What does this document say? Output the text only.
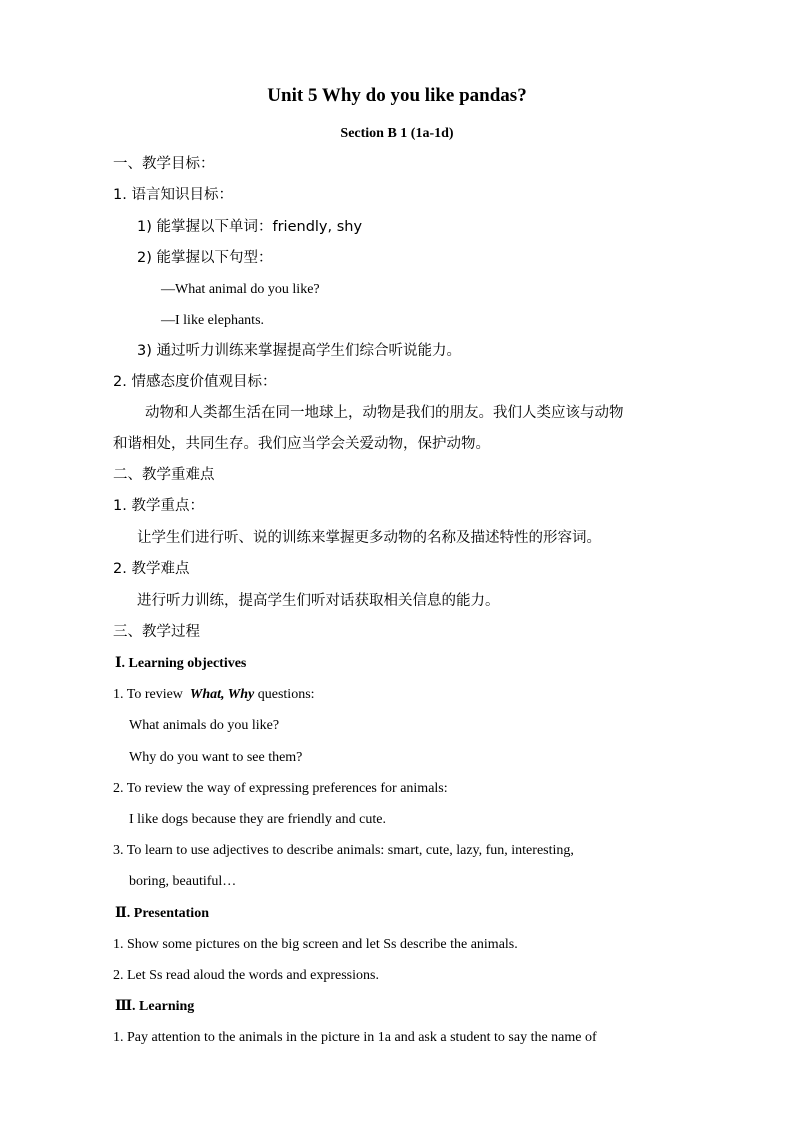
Unit 5 Why do you like pandas?
Section B 1 (1a-1d)
一、教学目标：
1. 语言知识目标：
1) 能掌握以下单词：friendly, shy
2) 能掌握以下句型：
—What animal do you like?
—I like elephants.
3) 通过听力训练来掌握提高学生们综合听说能力。
2. 情感态度价值观目标：
动物和人类都生活在同一地球上，动物是我们的朋友。我们人类应该与动物
和谐相处，共同生存。我们应当学会关爱动物，保护动物。
二、教学重难点
1. 教学重点：
让学生们进行听、说的训练来掌握更多动物的名称及描述特性的形容词。
2. 教学难点
进行听力训练，提高学生们听对话获取相关信息的能力。
三、教学过程
Ⅰ. Learning objectives
1. To review  What, Why questions:
What animals do you like?
Why do you want to see them?
2. To review the way of expressing preferences for animals:
I like dogs because they are friendly and cute.
3. To learn to use adjectives to describe animals: smart, cute, lazy, fun, interesting,
boring, beautiful…
Ⅱ. Presentation
1. Show some pictures on the big screen and let Ss describe the animals.
2. Let Ss read aloud the words and expressions.
Ⅲ. Learning
1. Pay attention to the animals in the picture in 1a and ask a student to say the name of
